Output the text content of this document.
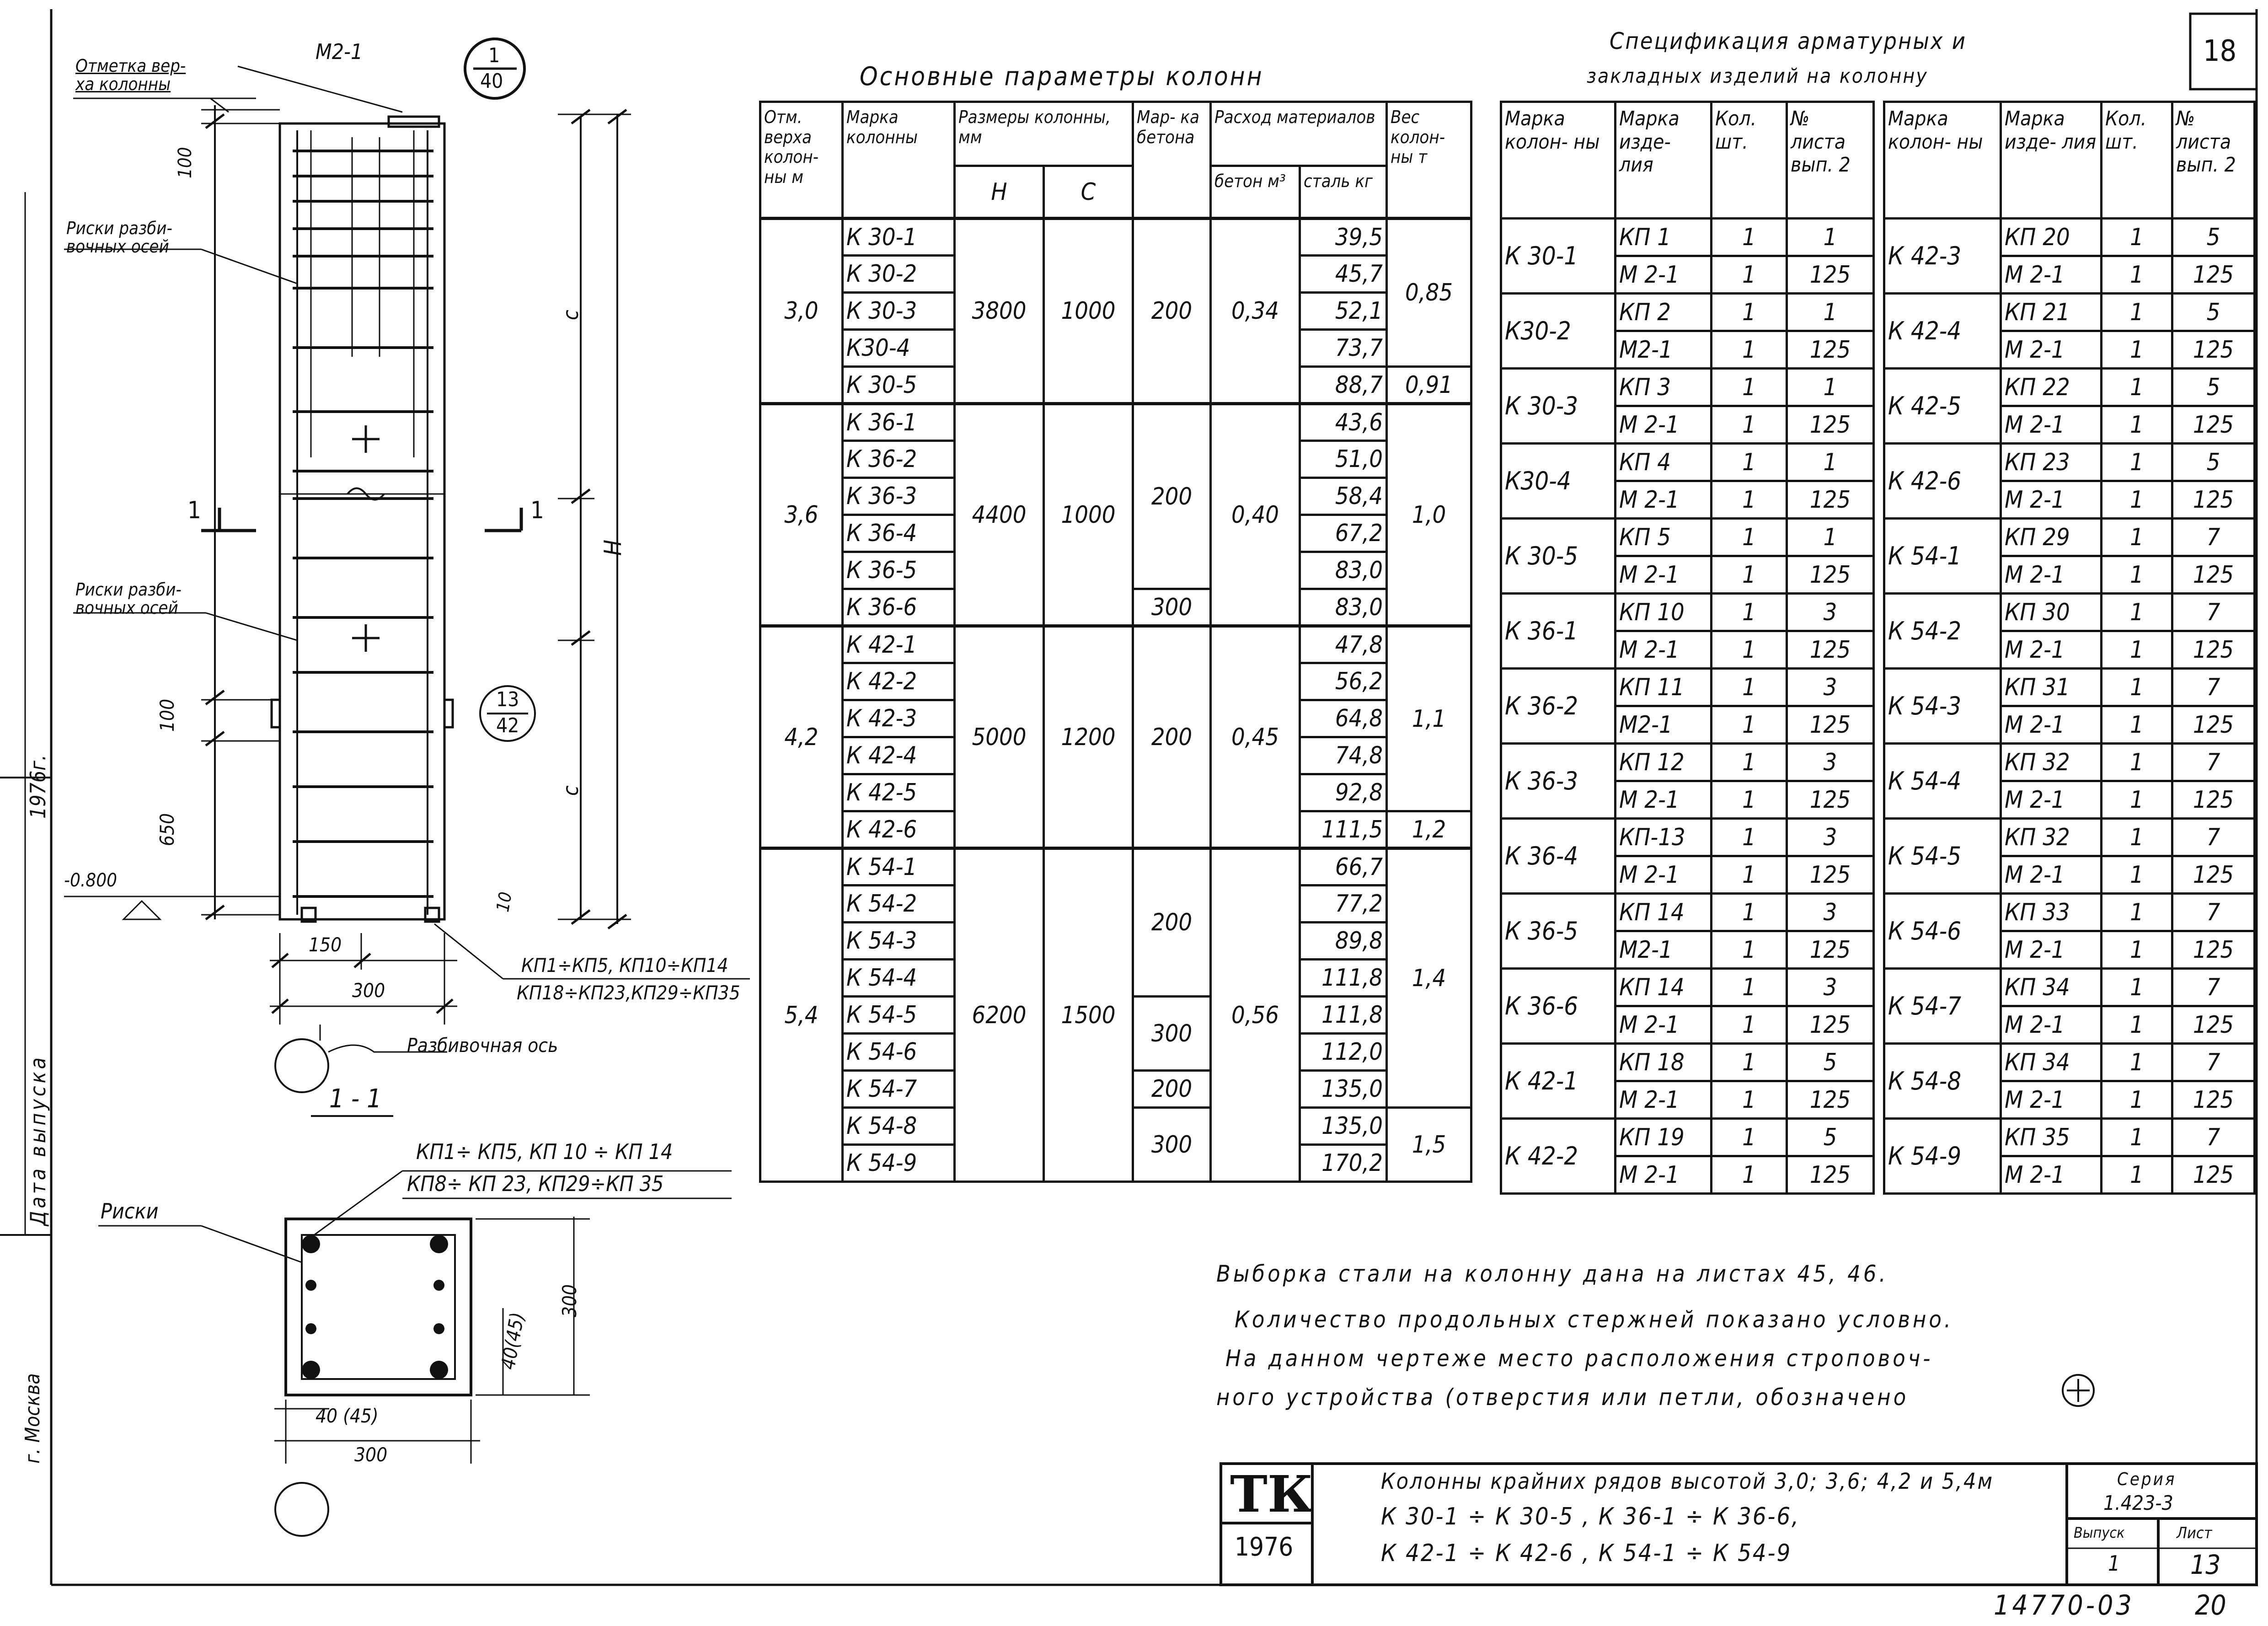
18
1976г.
Дата выпуска
г. Москва
Отметка вер-
ха колонны
M2-1	1
40
Риски разби-
вочных осей
Риски разби-
вочных осей
100
с
Н
с
100
650
10
-0.800
13
42
1	1
150
300
КП1÷КП5, КП10÷КП14
КП18÷КП23,КП29÷КП35
Разбивочная ось
1 - 1
КП1÷ КП5, КП 10 ÷ КП 14
КП8÷ КП 23, КП29÷КП 35
Риски
300
40(45)
40 (45)
300
Основные параметры колонн
Отм. верха колон- ны м	Марка колонны	Размеры колонны, мм		Мар- ка бетона	Расход материалов		Вес колон- ны т
		Н	С		бетон м³	сталь кг	
3,0	К 30-1	3800	1000	200	0,34	39,5	0,85
	К 30-2					45,7	
	К 30-3					52,1	
	К30-4					73,7	
	К 30-5					88,7	0,91
3,6	К 36-1	4400	1000	200	0,40	43,6	1,0
	К 36-2					51,0	
	К 36-3					58,4	
	К 36-4					67,2	
	К 36-5					83,0	
	К 36-6			300		83,0	
4,2	К 42-1	5000	1200	200	0,45	47,8	1,1
	К 42-2					56,2	
	К 42-3					64,8	
	К 42-4					74,8	
	К 42-5					92,8	
	К 42-6					111,5	1,2
5,4	К 54-1	6200	1500	200	0,56	66,7	1,4
	К 54-2					77,2	
	К 54-3					89,8	
	К 54-4					111,8	
	К 54-5			300		111,8	
	К 54-6					112,0	
	К 54-7			200		135,0	
	К 54-8			300		135,0	1,5
	К 54-9					170,2	
Спецификация арматурных и
закладных изделий на колонну
Марка колон- ны	Марка изде- лия	Кол. шт.	№ листа вып. 2
К 30-1	КП 1	1	1
	М 2-1	1	125
К30-2	КП 2	1	1
	М2-1	1	125
К 30-3	КП 3	1	1
	М 2-1	1	125
К30-4	КП 4	1	1
	М 2-1	1	125
К 30-5	КП 5	1	1
	М 2-1	1	125
К 36-1	КП 10	1	3
	М 2-1	1	125
К 36-2	КП 11	1	3
	М2-1	1	125
К 36-3	КП 12	1	3
	М 2-1	1	125
К 36-4	КП-13	1	3
	М 2-1	1	125
К 36-5	КП 14	1	3
	М2-1	1	125
К 36-6	КП 14	1	3
	М 2-1	1	125
К 42-1	КП 18	1	5
	М 2-1	1	125
К 42-2	КП 19	1	5
	М 2-1	1	125
Марка колон- ны	Марка изде- лия	Кол. шт.	№ листа вып. 2
К 42-3	КП 20	1	5
	М 2-1	1	125
К 42-4	КП 21	1	5
	М 2-1	1	125
К 42-5	КП 22	1	5
	М 2-1	1	125
К 42-6	КП 23	1	5
	М 2-1	1	125
К 54-1	КП 29	1	7
	М 2-1	1	125
К 54-2	КП 30	1	7
	М 2-1	1	125
К 54-3	КП 31	1	7
	М 2-1	1	125
К 54-4	КП 32	1	7
	М 2-1	1	125
К 54-5	КП 32	1	7
	М 2-1	1	125
К 54-6	КП 33	1	7
	М 2-1	1	125
К 54-7	КП 34	1	7
	М 2-1	1	125
К 54-8	КП 34	1	7
	М 2-1	1	125
К 54-9	КП 35	1	7
	М 2-1	1	125
Выборка стали на колонну дана на листах 45, 46.
Количество продольных стержней показано условно.
На данном чертеже место расположения строповоч-
ного устройства (отверстия или петли, обозначено
ТК
1976
Колонны крайних рядов высотой 3,0; 3,6; 4,2 и 5,4м
К 30-1 ÷ К 30-5 , К 36-1 ÷ К 36-6,
К 42-1 ÷ К 42-6 , К 54-1 ÷ К 54-9
Серия
1.423-3
Выпуск
1
Лист
13
14770-03 20
